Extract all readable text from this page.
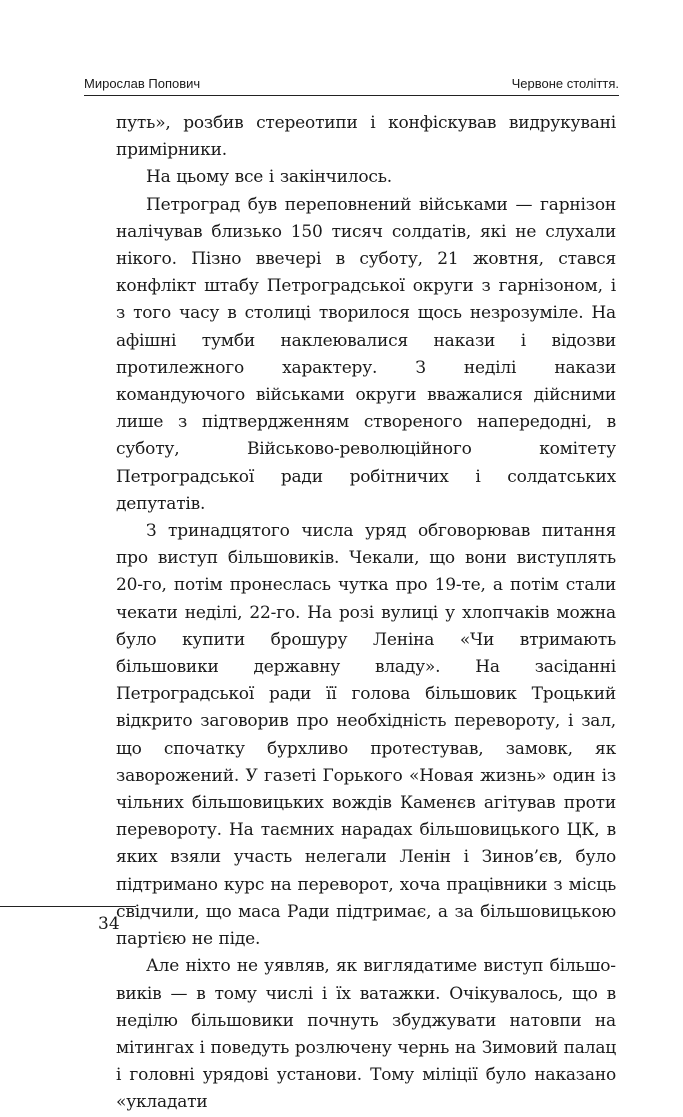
Мирослав Попович	Червоне століття.

путь», розбив стереотипи і конфіскував видрукувані примірники.

На цьому все і закінчилось.

Петроград був переповнений військами — гарнізон налічував близько 150 тисяч солдатів, які не слухали нікого. Пізно ввечері в суботу, 21 жовтня, стався конфлікт штабу Петроградської округи з гарнізоном, і з того часу в столиці творилося щось незрозуміле. На афішні тумби наклеювалися накази і відозви протилежного характеру. З неділі накази командуючого військами округи вважалися дійсними лише з підтвердженням створеного напередодні, в суботу, Військово-революційного комітету Петроградської ради робітничих і солдатських депутатів.

З тринадцятого числа уряд обговорював питання про виступ більшовиків. Чекали, що вони виступлять 20-го, потім пронеслась чутка про 19-те, а потім стали чекати неділі, 22-го. На розі вулиці у хлопчаків можна було купити брошуру Леніна «Чи втримають більшовики державну владу». На засіданні Петроградської ради її голова більшовик Троцький відкрито заговорив про необхідність перевороту, і зал, що спочатку бурхливо протестував, замовк, як заворожений. У газеті Горького «Новая жизнь» один із чільних більшовицьких вождів Каменєв агітував проти перевороту. На таємних нарадах більшовицького ЦК, в яких взяли участь нелегали Ленін і Зинов’єв, було підтримано курс на переворот, хоча працівники з місць свідчили, що маса Ради підтримає, а за більшовицькою партією не піде.

Але ніхто не уявляв, як виглядатиме виступ більшовиків — в тому числі і їх ватажки. Очікувалось, що в неділю більшовики почнуть збуджувати натовпи на мітингах і поведуть розлючену чернь на Зимовий палац і головні урядові установи. Тому міліції було наказано «укладати

34
